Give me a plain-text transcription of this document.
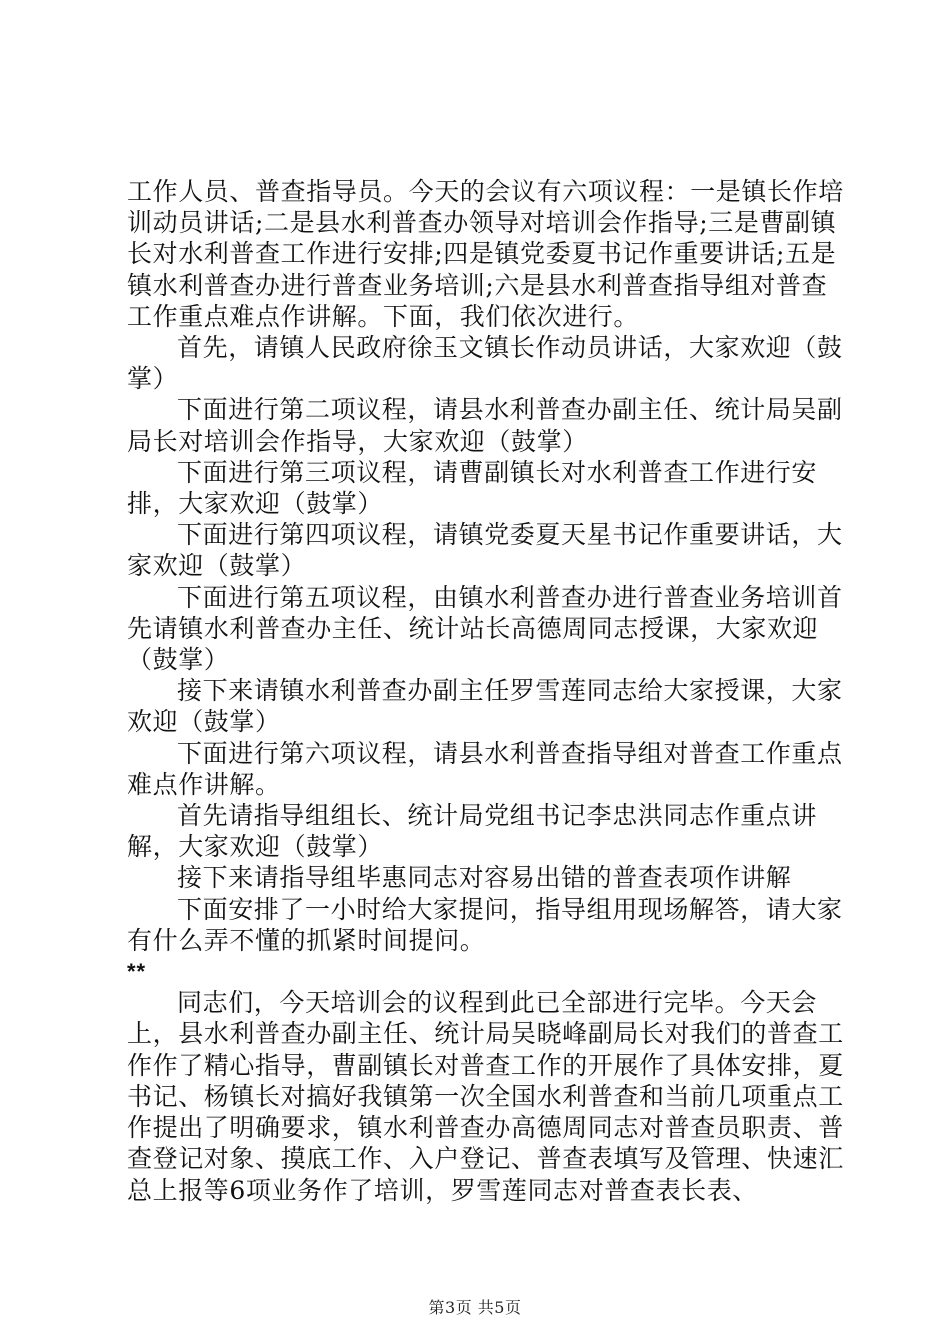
工作人员、普查指导员。今天的会议有六项议程：一是镇长作培训动员讲话;二是县水利普查办领导对培训会作指导;三是曹副镇长对水利普查工作进行安排;四是镇党委夏书记作重要讲话;五是镇水利普查办进行普查业务培训;六是县水利普查指导组对普查工作重点难点作讲解。下面，我们依次进行。

首先，请镇人民政府徐玉文镇长作动员讲话，大家欢迎（鼓掌）

下面进行第二项议程，请县水利普查办副主任、统计局吴副局长对培训会作指导，大家欢迎（鼓掌）

下面进行第三项议程，请曹副镇长对水利普查工作进行安排，大家欢迎（鼓掌）

下面进行第四项议程，请镇党委夏天星书记作重要讲话，大家欢迎（鼓掌）

下面进行第五项议程，由镇水利普查办进行普查业务培训首先请镇水利普查办主任、统计站长高德周同志授课，大家欢迎（鼓掌）

接下来请镇水利普查办副主任罗雪莲同志给大家授课，大家欢迎（鼓掌）

下面进行第六项议程，请县水利普查指导组对普查工作重点难点作讲解。

首先请指导组组长、统计局党组书记李忠洪同志作重点讲解，大家欢迎（鼓掌）

接下来请指导组毕惠同志对容易出错的普查表项作讲解

下面安排了一小时给大家提问，指导组用现场解答，请大家有什么弄不懂的抓紧时间提问。

**

同志们，今天培训会的议程到此已全部进行完毕。今天会上，县水利普查办副主任、统计局吴晓峰副局长对我们的普查工作作了精心指导，曹副镇长对普查工作的开展作了具体安排，夏书记、杨镇长对搞好我镇第一次全国水利普查和当前几项重点工作提出了明确要求，镇水利普查办高德周同志对普查员职责、普查登记对象、摸底工作、入户登记、普查表填写及管理、快速汇总上报等6项业务作了培训，罗雪莲同志对普查表长表、

第3页 共5页
